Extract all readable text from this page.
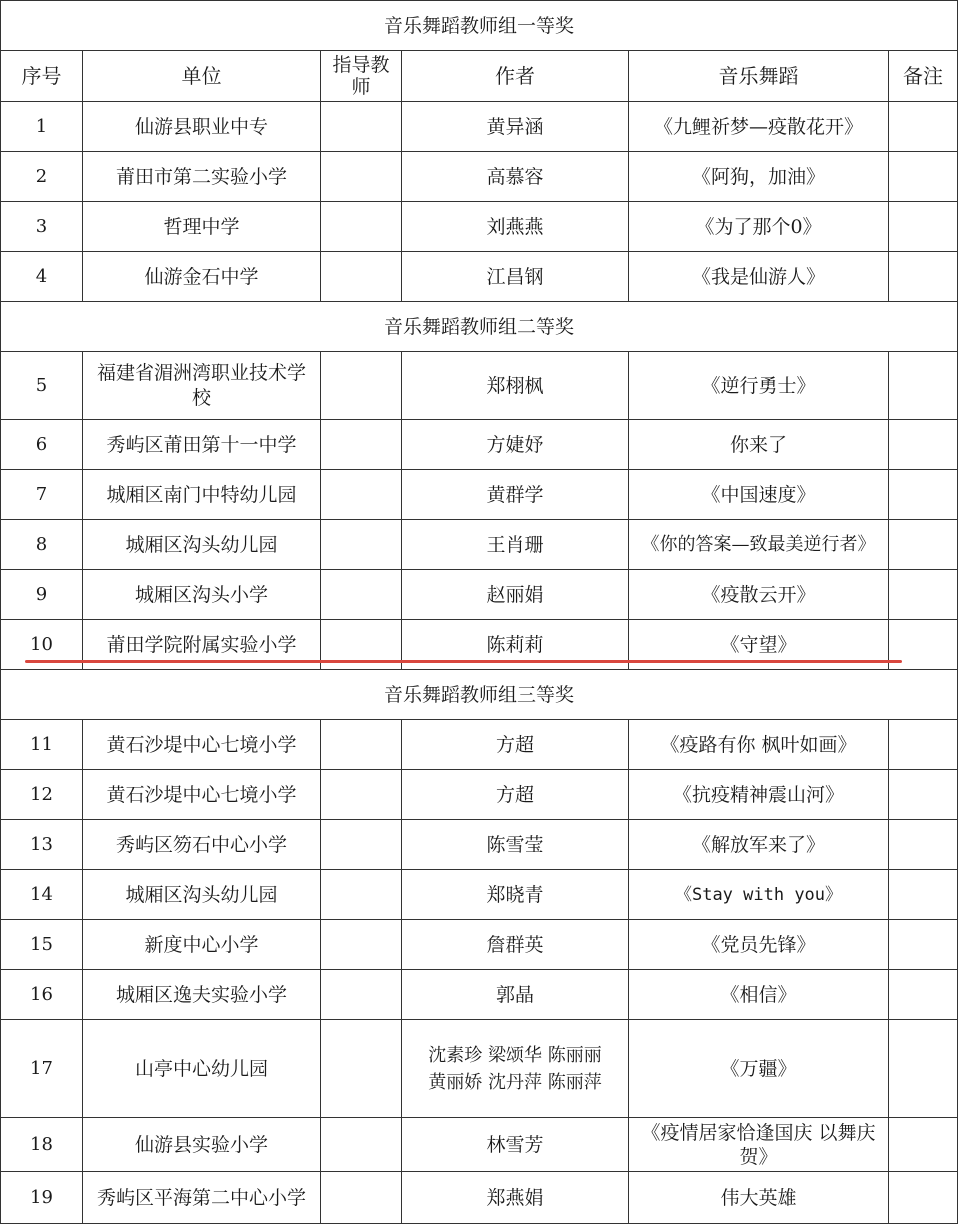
音乐舞蹈教师组一等奖					
序号	单位	指导教师	作者	音乐舞蹈	备注
1	仙游县职业中专		黄异涵	《九鲤祈梦—疫散花开》	
2	莆田市第二实验小学		高慕容	《阿狗，加油》	
3	哲理中学		刘燕燕	《为了那个0》	
4	仙游金石中学		江昌钢	《我是仙游人》	
音乐舞蹈教师组二等奖					
5	福建省湄洲湾职业技术学校		郑栩枫	《逆行勇士》	
6	秀屿区莆田第十一中学		方婕妤	你来了	
7	城厢区南门中特幼儿园		黄群学	《中国速度》	
8	城厢区沟头幼儿园		王肖珊	《你的答案—致最美逆行者》	
9	城厢区沟头小学		赵丽娟	《疫散云开》	
10	莆田学院附属实验小学		陈莉莉	《守望》	
音乐舞蹈教师组三等奖					
11	黄石沙堤中心七境小学		方超	《疫路有你 枫叶如画》	
12	黄石沙堤中心七境小学		方超	《抗疫精神震山河》	
13	秀屿区笏石中心小学		陈雪莹	《解放军来了》	
14	城厢区沟头幼儿园		郑晓青	《Stay with you》	
15	新度中心小学		詹群英	《党员先锋》	
16	城厢区逸夫实验小学		郭晶	《相信》	
17	山亭中心幼儿园		沈素珍 梁颂华 陈丽丽
黄丽娇 沈丹萍 陈丽萍	《万疆》	
18	仙游县实验小学		林雪芳	《疫情居家恰逢国庆 以舞庆贺》	
19	秀屿区平海第二中心小学		郑燕娟	伟大英雄	
